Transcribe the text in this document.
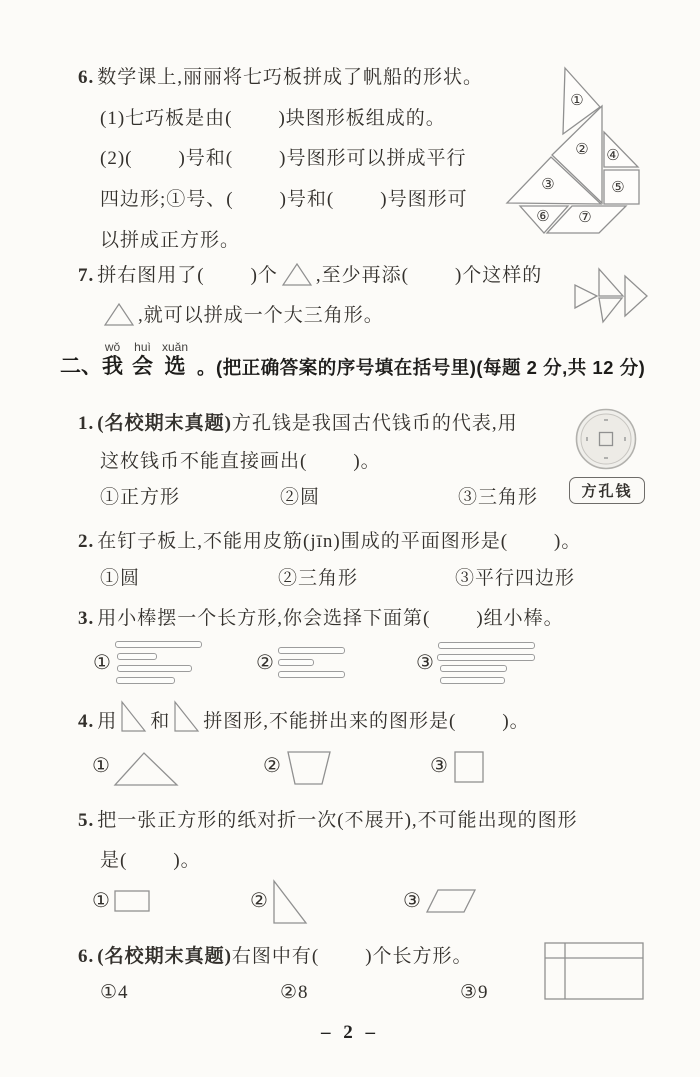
6. 数学课上,丽丽将七巧板拼成了帆船的形状。
(1)七巧板是由(        )块图形板组成的。
(2)(        )号和(        )号图形可以拼成平行
四边形;①号、(        )号和(        )号图形可
以拼成正方形。
①
②
③
④
⑤
⑥ ⑦
7. 拼右图用了(        )个 ,至少再添(        )个这样的
,就可以拼成一个大三角形。
二、
wǒ
我
huì
会
xuǎn
选 。(把正确答案的序号填在括号里)(每题 2 分,共 12 分)
1. (名校期末真题) 方孔钱是我国古代钱币的代表,用
这枚钱币不能直接画出(        )。
①正方形	②圆	③三角形	方孔钱
2. 在钉子板上,不能用皮筋(jīn)围成的平面图形是(        )。
①圆	②三角形	③平行四边形
3. 用小棒摆一个长方形,你会选择下面第(        )组小棒。
①	②	③
4. 用 和 拼图形,不能拼出来的图形是(        )。
①	②	③
5. 把一张正方形的纸对折一次(不展开),不可能出现的图形
是(        )。
①	②	③
6. (名校期末真题) 右图中有(        )个长方形。
①4	②8	③9
– 2 –
